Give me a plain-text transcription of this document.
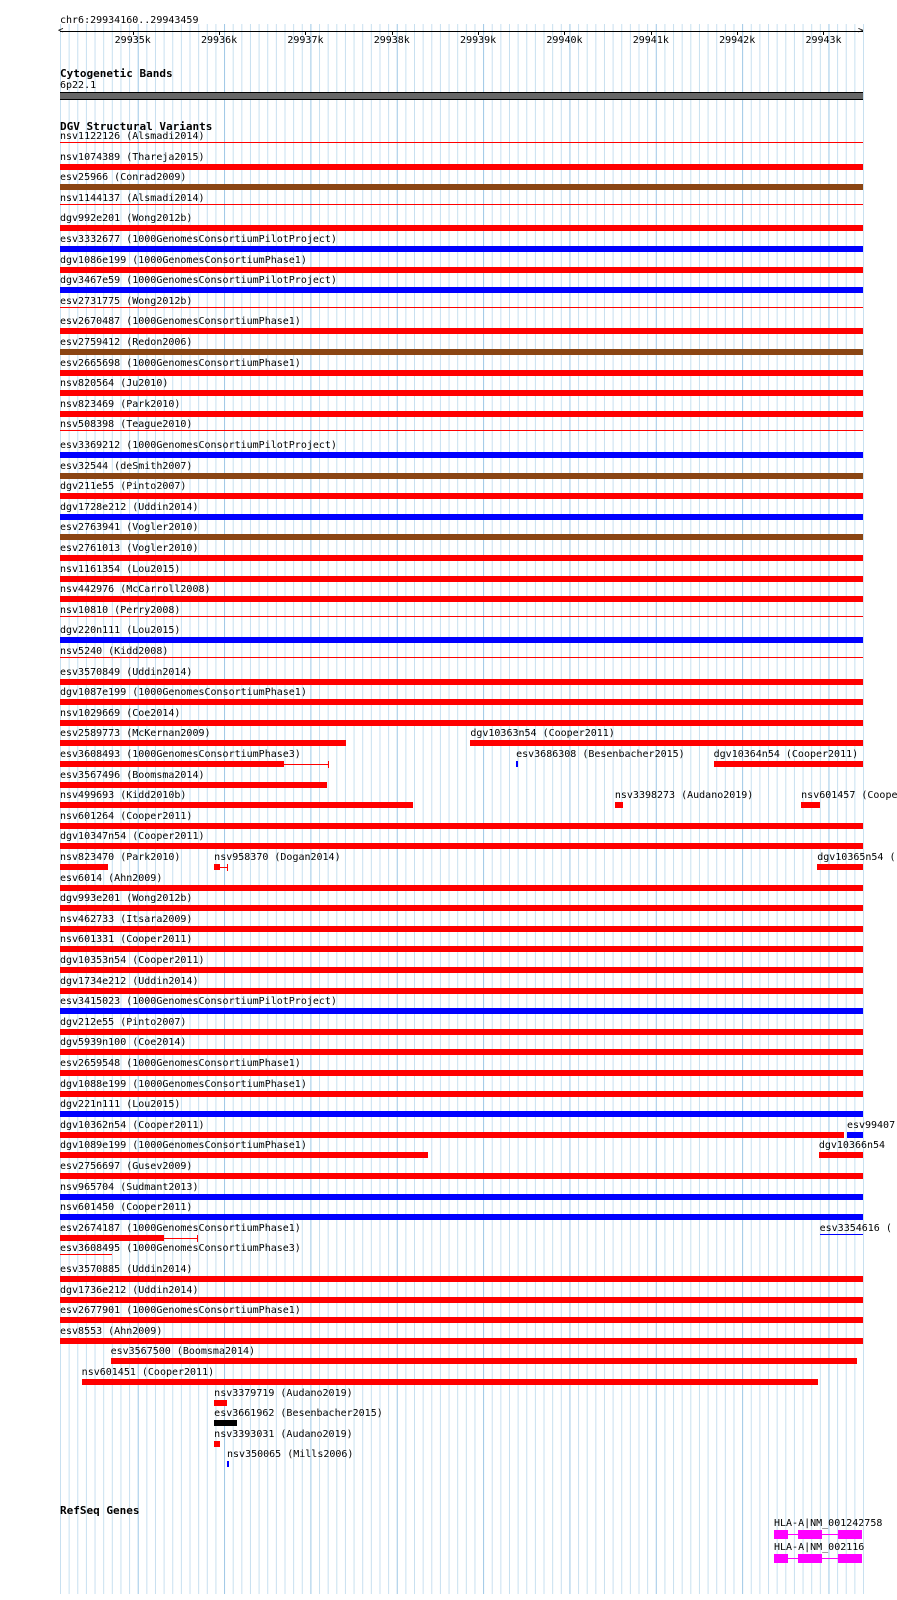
chr6:29934160..29943459
<	>
29935k	29936k	29937k	29938k	29939k	29940k	29941k	29942k	29943k
Cytogenetic Bands
6p22.1
DGV Structural Variants
nsv1122126 (Alsmadi2014)
nsv1074389 (Thareja2015)
esv25966 (Conrad2009)
nsv1144137 (Alsmadi2014)
dgv992e201 (Wong2012b)
esv3332677 (1000GenomesConsortiumPilotProject)
dgv1086e199 (1000GenomesConsortiumPhase1)
dgv3467e59 (1000GenomesConsortiumPilotProject)
esv2731775 (Wong2012b)
esv2670487 (1000GenomesConsortiumPhase1)
esv2759412 (Redon2006)
esv2665698 (1000GenomesConsortiumPhase1)
nsv820564 (Ju2010)
nsv823469 (Park2010)
nsv508398 (Teague2010)
esv3369212 (1000GenomesConsortiumPilotProject)
esv32544 (deSmith2007)
dgv211e55 (Pinto2007)
dgv1728e212 (Uddin2014)
esv2763941 (Vogler2010)
esv2761013 (Vogler2010)
nsv1161354 (Lou2015)
nsv442976 (McCarroll2008)
nsv10810 (Perry2008)
dgv220n111 (Lou2015)
nsv5240 (Kidd2008)
esv3570849 (Uddin2014)
dgv1087e199 (1000GenomesConsortiumPhase1)
nsv1029669 (Coe2014)
esv2589773 (McKernan2009)	dgv10363n54 (Cooper2011)
esv3608493 (1000GenomesConsortiumPhase3)	esv3686308 (Besenbacher2015)	dgv10364n54 (Cooper2011)
esv3567496 (Boomsma2014)
nsv499693 (Kidd2010b)	nsv3398273 (Audano2019)	nsv601457 (Coope
nsv601264 (Cooper2011)
dgv10347n54 (Cooper2011)
nsv823470 (Park2010)	nsv958370 (Dogan2014)	dgv10365n54 (
esv6014 (Ahn2009)
dgv993e201 (Wong2012b)
nsv462733 (Itsara2009)
nsv601331 (Cooper2011)
dgv10353n54 (Cooper2011)
dgv1734e212 (Uddin2014)
esv3415023 (1000GenomesConsortiumPilotProject)
dgv212e55 (Pinto2007)
dgv5939n100 (Coe2014)
esv2659548 (1000GenomesConsortiumPhase1)
dgv1088e199 (1000GenomesConsortiumPhase1)
dgv221n111 (Lou2015)
dgv10362n54 (Cooper2011)	esv99407
dgv1089e199 (1000GenomesConsortiumPhase1)	dgv10366n54
esv2756697 (Gusev2009)
nsv965704 (Sudmant2013)
nsv601450 (Cooper2011)
esv2674187 (1000GenomesConsortiumPhase1)	esv3354616 (
esv3608495 (1000GenomesConsortiumPhase3)
esv3570885 (Uddin2014)
dgv1736e212 (Uddin2014)
esv2677901 (1000GenomesConsortiumPhase1)
esv8553 (Ahn2009)
esv3567500 (Boomsma2014)
nsv601451 (Cooper2011)
nsv3379719 (Audano2019)
esv3661962 (Besenbacher2015)
nsv3393031 (Audano2019)
nsv350065 (Mills2006)
RefSeq Genes
HLA-A|NM_001242758
HLA-A|NM_002116
